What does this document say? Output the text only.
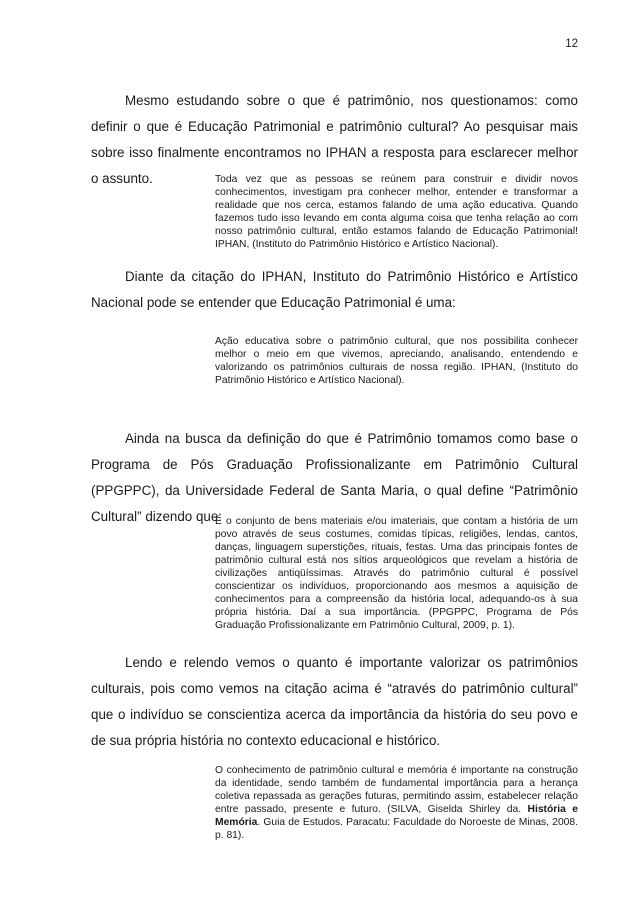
12

Mesmo estudando sobre o que é patrimônio, nos questionamos: como definir o que é Educação Patrimonial e patrimônio cultural? Ao pesquisar mais sobre isso finalmente encontramos no IPHAN a resposta para esclarecer melhor o assunto.	Toda vez que as pessoas se reúnem para construir e dividir novos conhecimentos, investigam pra conhecer melhor, entender e transformar a realidade que nos cerca, estamos falando de uma ação educativa. Quando fazemos tudo isso levando em conta alguma coisa que tenha relação ao com nosso patrimônio cultural, então estamos falando de Educação Patrimonial! IPHAN, (Instituto do Patrimônio Histórico e Artístico Nacional).

Diante da citação do IPHAN, Instituto do Patrimônio Histórico e Artístico Nacional pode se entender que Educação Patrimonial é uma:

Ação educativa sobre o patrimônio cultural, que nos possibilita conhecer melhor o meio em que vivemos, apreciando, analisando, entendendo e valorizando os patrimônios culturais de nossa região. IPHAN, (Instituto do Patrimônio Histórico e Artístico Nacional).

Ainda na busca da definição do que é Patrimônio tomamos como base o Programa de Pós Graduação Profissionalizante em Patrimônio Cultural (PPGPPC), da Universidade Federal de Santa Maria, o qual define “Patrimônio Cultural” dizendo que:

É o conjunto de bens materiais e/ou imateriais, que contam a história de um povo através de seus costumes, comidas típicas, religiões, lendas, cantos, danças, linguagem superstições, rituais, festas. Uma das principais fontes de patrimônio cultural está nos sítios arqueológicos que revelam a história de civilizações antiqüíssimas. Através do patrimônio cultural é possível conscientizar os indivíduos, proporcionando aos mesmos a aquisição de conhecimentos para a compreensão da história local, adequando-os à sua própria história. Daí a sua importância. (PPGPPC, Programa de Pós Graduação Profissionalizante em Patrimônio Cultural, 2009, p. 1).

Lendo e relendo vemos o quanto é importante valorizar os patrimônios culturais, pois como vemos na citação acima é “através do patrimônio cultural” que o indivíduo se conscientiza acerca da importância da história do seu povo e de sua própria história no contexto educacional e histórico.

O conhecimento de patrimônio cultural e memória é importante na construção da identidade, sendo também de fundamental importância para a herança coletiva repassada as gerações futuras, permitindo assim, estabelecer relação entre passado, presente e futuro. (SILVA, Giselda Shirley da. História e Memória. Guia de Estudos. Paracatu: Faculdade do Noroeste de Minas, 2008. p. 81).
